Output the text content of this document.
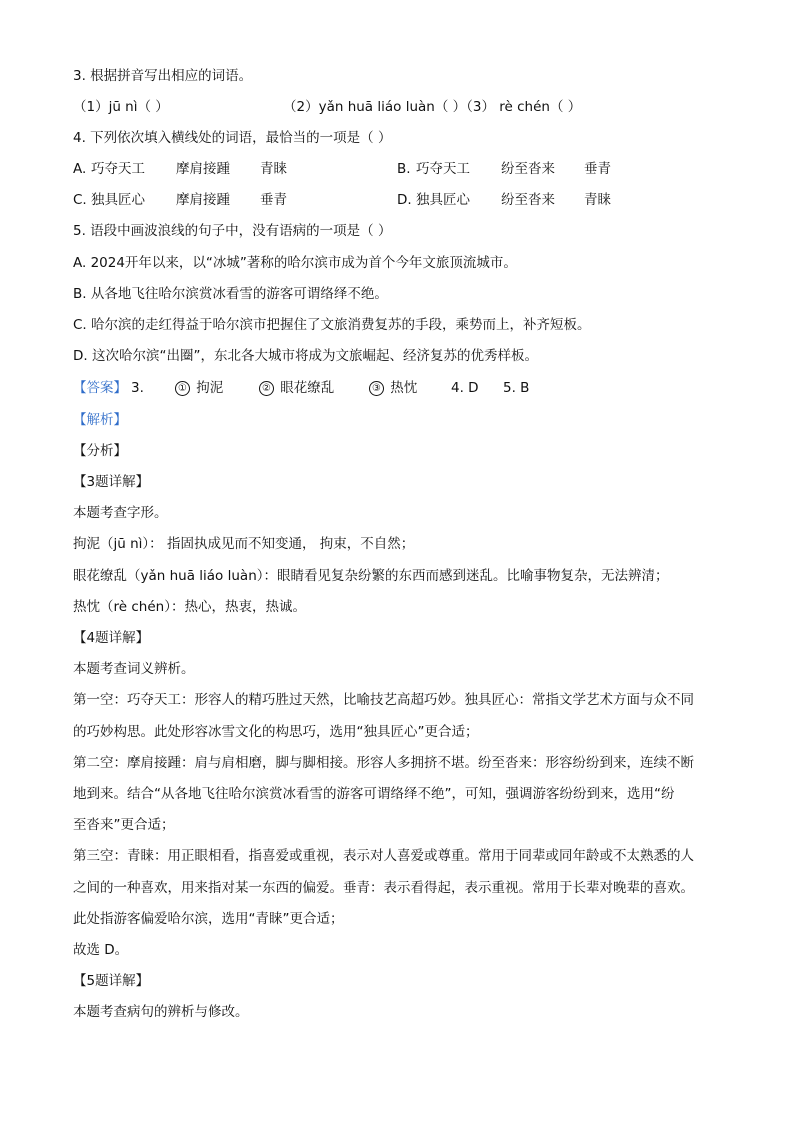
3. 根据拼音写出相应的词语。
（1）jū nì（ ）	（2）yǎn huā liáo luàn（ ）（3） rè chén（ ）
4. 下列依次填入横线处的词语，最恰当的一项是（ ）
A. 巧夺天工 摩肩接踵 青睐	B. 巧夺天工 纷至沓来 垂青
C. 独具匠心 摩肩接踵 垂青	D. 独具匠心 纷至沓来 青睐
5. 语段中画波浪线的句子中，没有语病的一项是（ ）
A. 2024开年以来，以“冰城”著称的哈尔滨市成为首个今年文旅顶流城市。
B. 从各地飞往哈尔滨赏冰看雪的游客可谓络绎不绝。
C. 哈尔滨的走红得益于哈尔滨市把握住了文旅消费复苏的手段，乘势而上，补齐短板。
D. 这次哈尔滨“出圈”，东北各大城市将成为文旅崛起、经济复苏的优秀样板。
【答案】 3.	① 拘泥	② 眼花缭乱	③ 热忱 4. D 5. B
【解析】
【分析】
【3题详解】
本题考查字形。
拘泥（jū nì）： 指固执成见而不知变通， 拘束，不自然；
眼花缭乱（yǎn huā liáo luàn）：眼睛看见复杂纷繁的东西而感到迷乱。比喻事物复杂，无法辨清；
热忱（rè chén）：热心，热衷，热诚。
【4题详解】
本题考查词义辨析。
第一空：巧夺天工：形容人的精巧胜过天然，比喻技艺高超巧妙。独具匠心：常指文学艺术方面与众不同
的巧妙构思。此处形容冰雪文化的构思巧，选用“独具匠心”更合适；
第二空：摩肩接踵：肩与肩相磨，脚与脚相接。形容人多拥挤不堪。纷至沓来：形容纷纷到来，连续不断
地到来。结合“从各地飞往哈尔滨赏冰看雪的游客可谓络绎不绝”，可知，强调游客纷纷到来，选用“纷
至沓来”更合适；
第三空：青睐：用正眼相看，指喜爱或重视，表示对人喜爱或尊重。常用于同辈或同年龄或不太熟悉的人
之间的一种喜欢，用来指对某一东西的偏爱。垂青：表示看得起，表示重视。常用于长辈对晚辈的喜欢。
此处指游客偏爱哈尔滨，选用“青睐”更合适；
故选 D。
【5题详解】
本题考查病句的辨析与修改。
